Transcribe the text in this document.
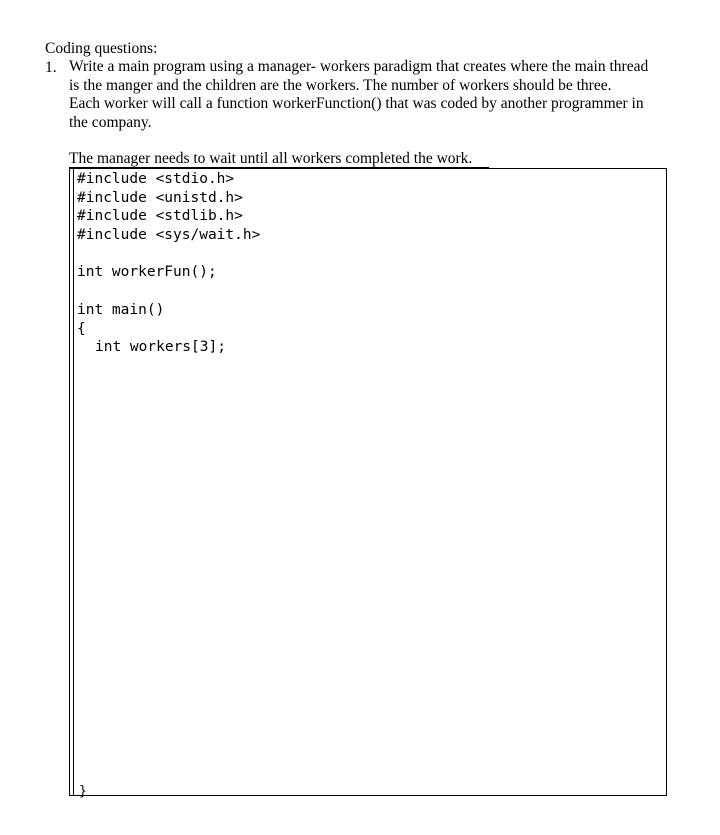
Coding questions:
1. Write a main program using a manager- workers paradigm that creates where the main thread
is the manger and the children are the workers. The number of workers should be three.
Each worker will call a function workerFunction() that was coded by another programmer in
the company.
The manager needs to wait until all workers completed the work.
#include <stdio.h>
#include <unistd.h>
#include <stdlib.h>
#include <sys/wait.h>
int workerFun();
int main()
{
int workers[3];
}
